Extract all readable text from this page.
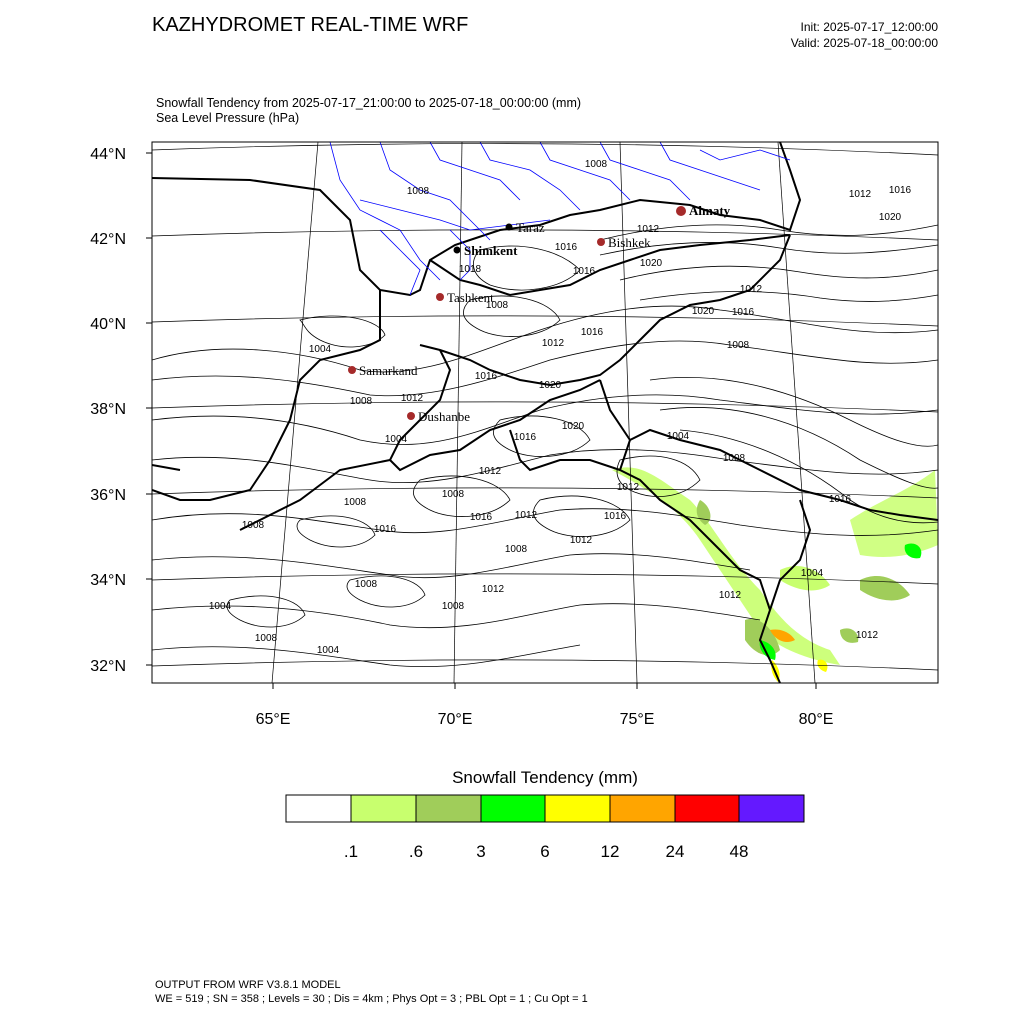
KAZHYDROMET REAL-TIME WRF	Init: 2025-07-17_12:00:00
Valid: 2025-07-18_00:00:00
Snowfall Tendency from 2025-07-17_21:00:00 to 2025-07-18_00:00:00 (mm)
Sea Level Pressure (hPa)
44°N
42°N
40°N
38°N
36°N
34°N
32°N
65°E	70°E	75°E	80°E
1008
1008	1012 1016
1020
1012
1016
1018	1016
1020
1012
1020 1016
1008
1012	1008
1004
1016
1020
1016
1020
1008	1012
1004
1008
1004
1012
1016
1008
1012
1016
1016 1012
1008
1016
1008	1016
1008
1012
1004
1008	1012
1012
1004	1008
1012
1008
1004
Almaty
Bishkek
Taraz
Shimkent
Tashkent
Samarkand
Dushanbe
Snowfall Tendency (mm)
.1	.6	3	6	12	24	48
OUTPUT FROM WRF V3.8.1 MODEL
WE = 519 ; SN = 358 ; Levels = 30 ; Dis = 4km ; Phys Opt = 3 ; PBL Opt = 1 ; Cu Opt = 1
